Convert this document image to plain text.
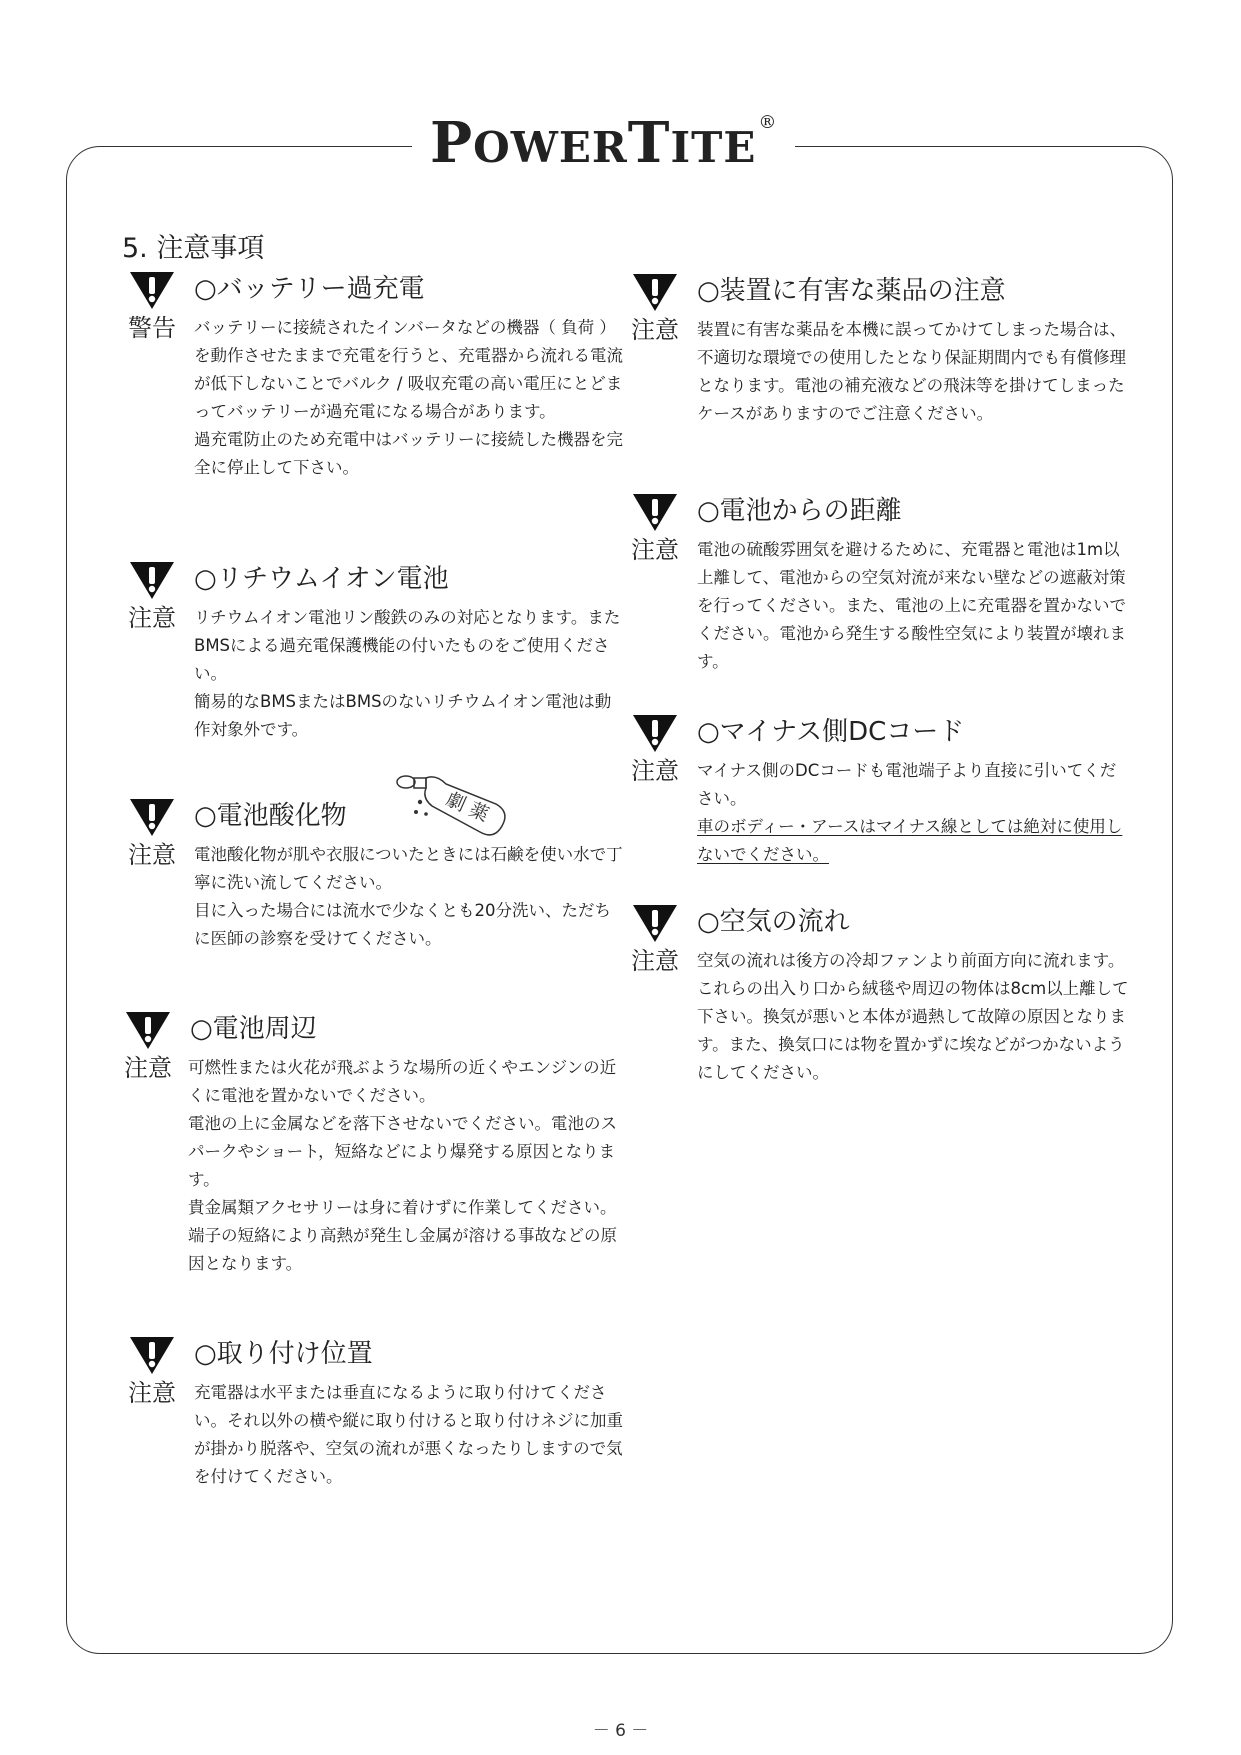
POWERTITE®
5. 注意事項
警告
○バッテリー過充電

バッテリーに接続されたインバータなどの機器（ 負荷 ）を動作させたままで充電を行うと、充電器から流れる電流が低下しないことでバルク / 吸収充電の高い電圧にとどまってバッテリーが過充電になる場合があります。

過充電防止のため充電中はバッテリーに接続した機器を完全に停止して下さい。

注意
○リチウムイオン電池

リチウムイオン電池リン酸鉄のみの対応となります。またBMSによる過充電保護機能の付いたものをご使用ください。

簡易的なBMSまたはBMSのないリチウムイオン電池は動作対象外です。

劇 薬
注意
○電池酸化物

電池酸化物が肌や衣服についたときには石鹸を使い水で丁寧に洗い流してください。

目に入った場合には流水で少なくとも20分洗い、ただちに医師の診察を受けてください。

注意
○電池周辺

可燃性または火花が飛ぶような場所の近くやエンジンの近くに電池を置かないでください。

電池の上に金属などを落下させないでください。電池のスパークやショート，短絡などにより爆発する原因となります。

貴金属類アクセサリーは身に着けずに作業してください。端子の短絡により高熱が発生し金属が溶ける事故などの原因となります。

注意
○取り付け位置

充電器は水平または垂直になるように取り付けてください。それ以外の横や縦に取り付けると取り付けネジに加重が掛かり脱落や、空気の流れが悪くなったりしますので気を付けてください。

注意
○装置に有害な薬品の注意

装置に有害な薬品を本機に誤ってかけてしまった場合は、不適切な環境での使用したとなり保証期間内でも有償修理となります。電池の補充液などの飛沫等を掛けてしまったケースがありますのでご注意ください。

注意
○電池からの距離

電池の硫酸雰囲気を避けるために、充電器と電池は1m以上離して、電池からの空気対流が来ない壁などの遮蔽対策を行ってください。また、電池の上に充電器を置かないでください。電池から発生する酸性空気により装置が壊れます。

注意
○マイナス側DCコード

マイナス側のDCコードも電池端子より直接に引いてください。

車のボディー・アースはマイナス線としては絶対に使用しないでください。

注意
○空気の流れ

空気の流れは後方の冷却ファンより前面方向に流れます。これらの出入り口から絨毯や周辺の物体は8cm以上離して下さい。換気が悪いと本体が過熱して故障の原因となります。また、換気口には物を置かずに埃などがつかないようにしてください。

－ 6 －
